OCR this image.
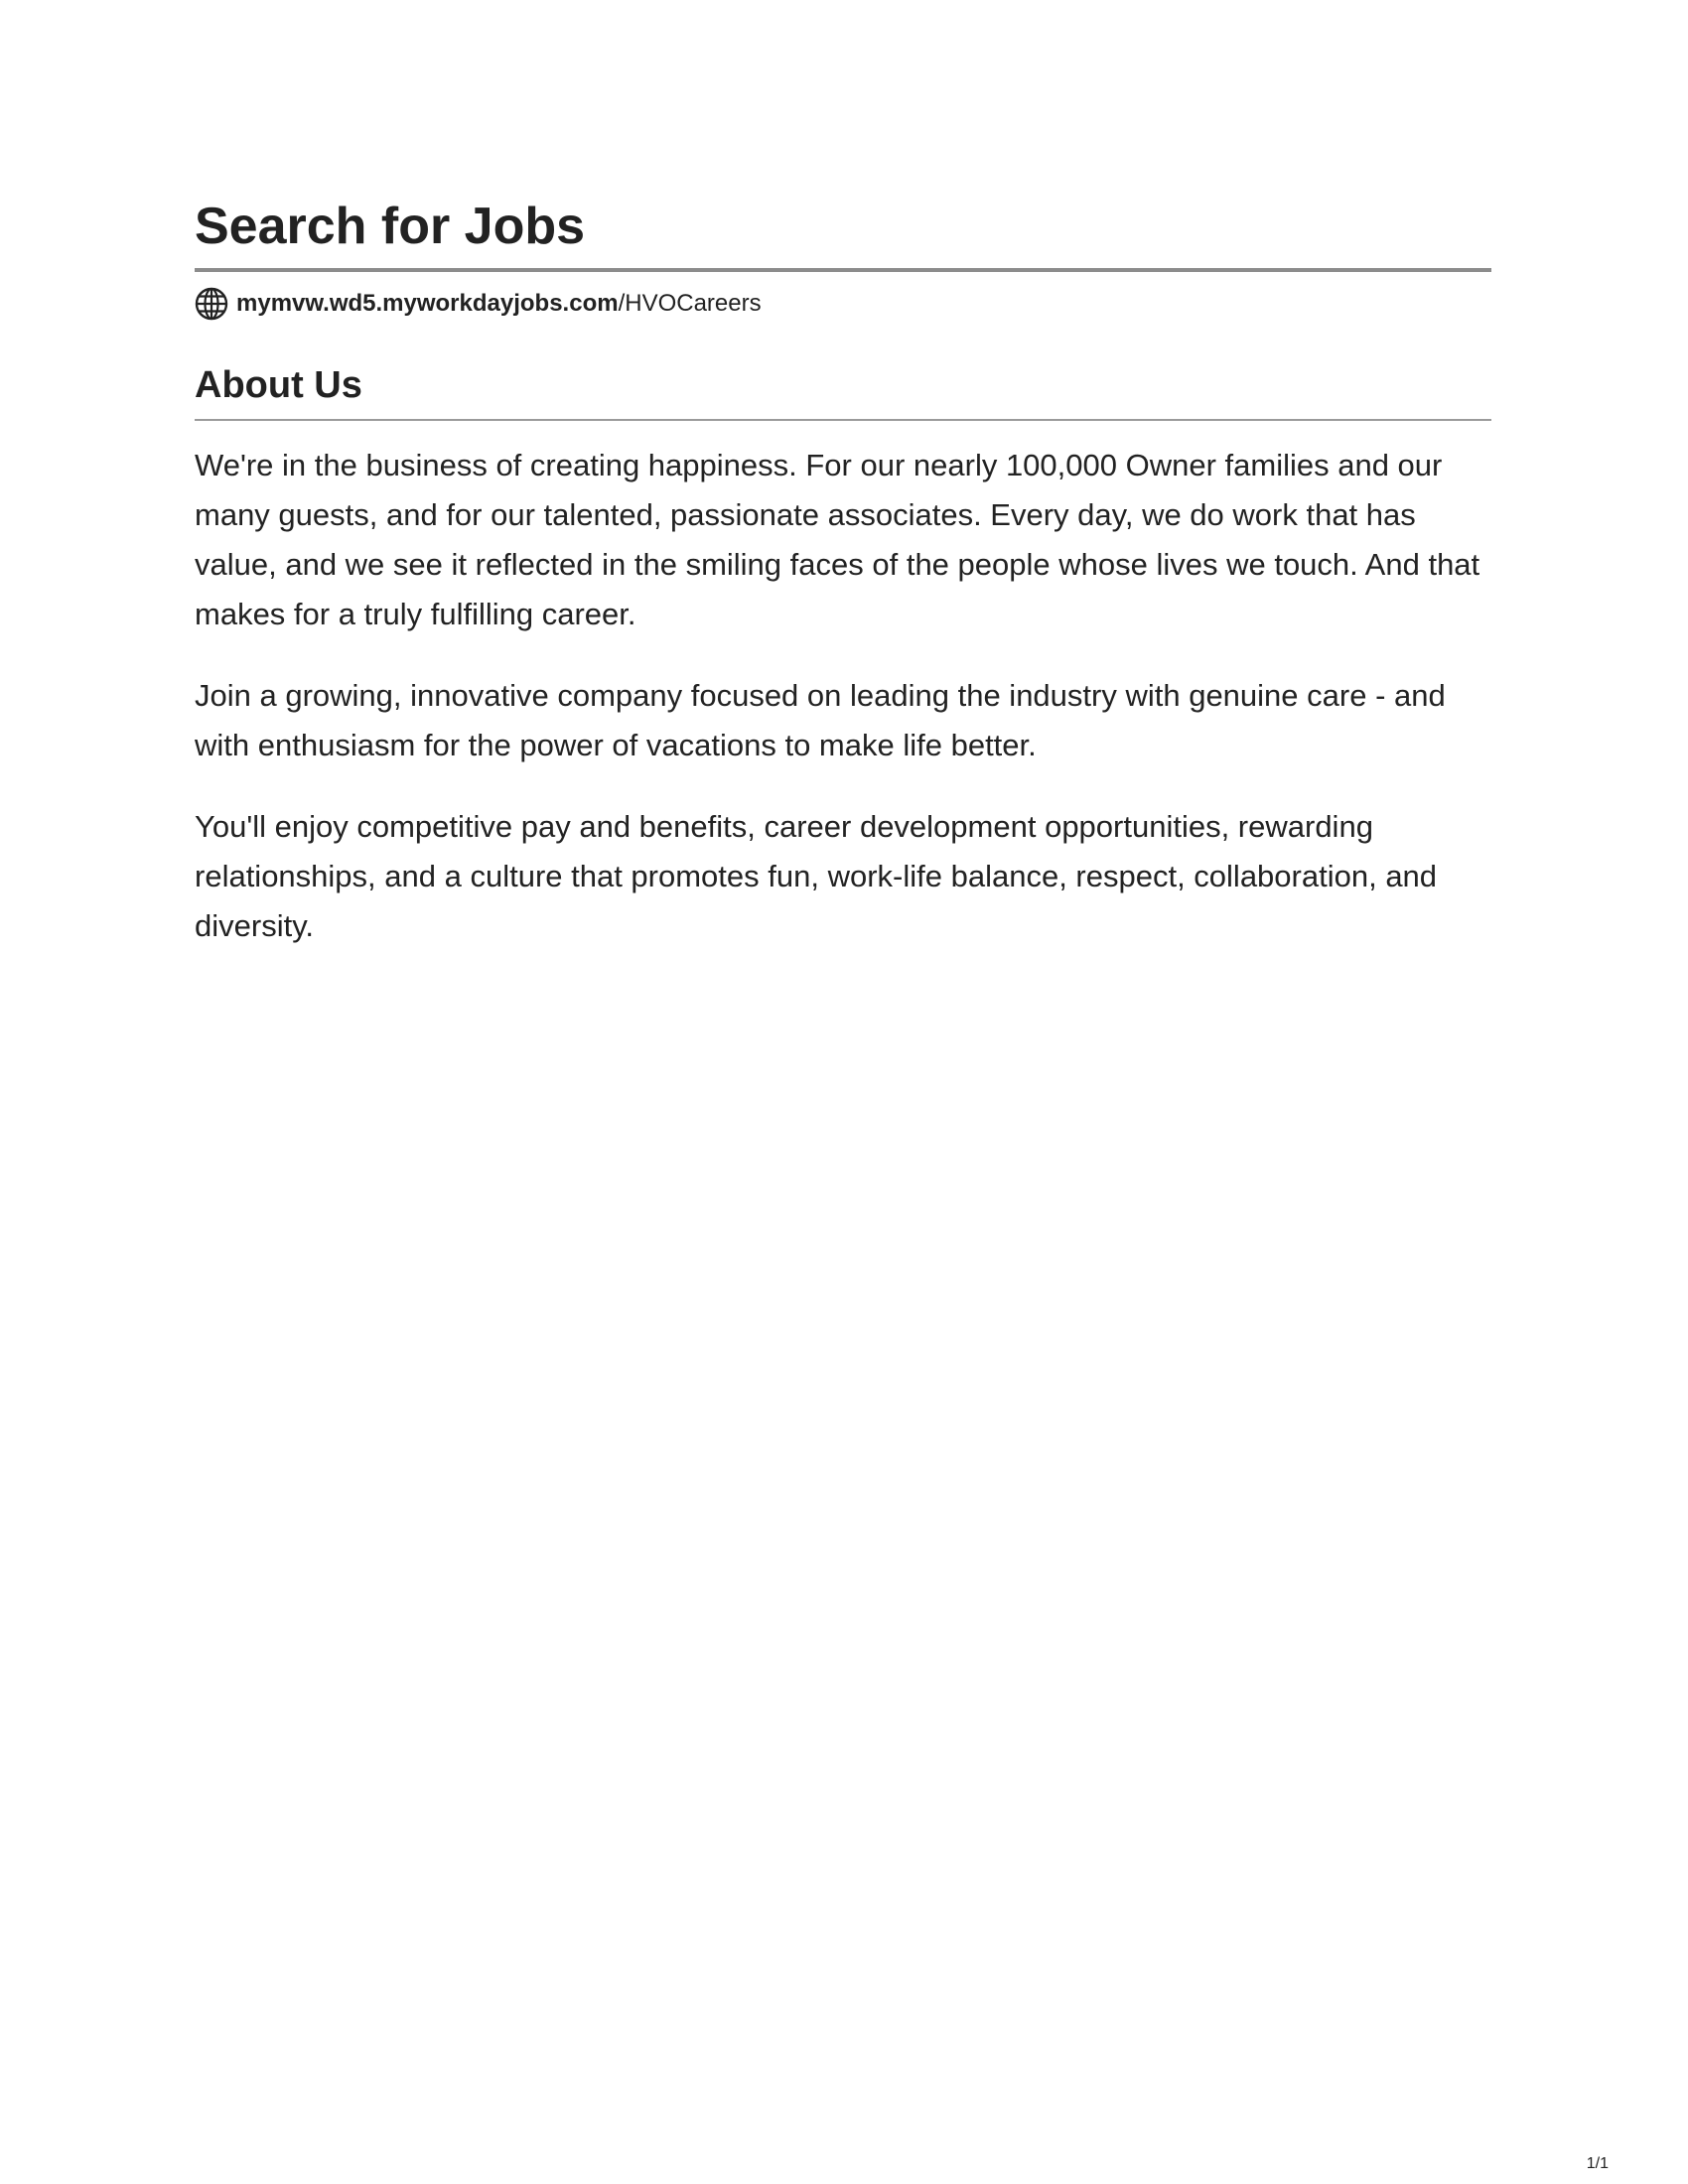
Search for Jobs
mymvw.wd5.myworkdayjobs.com/HVOCareers
About Us

We're in the business of creating happiness. For our nearly 100,000 Owner families and our many guests, and for our talented, passionate associates. Every day, we do work that has value, and we see it reflected in the smiling faces of the people whose lives we touch. And that makes for a truly fulfilling career.

Join a growing, innovative company focused on leading the industry with genuine care - and with enthusiasm for the power of vacations to make life better.

You'll enjoy competitive pay and benefits, career development opportunities, rewarding relationships, and a culture that promotes fun, work-life balance, respect, collaboration, and diversity.

1/1
